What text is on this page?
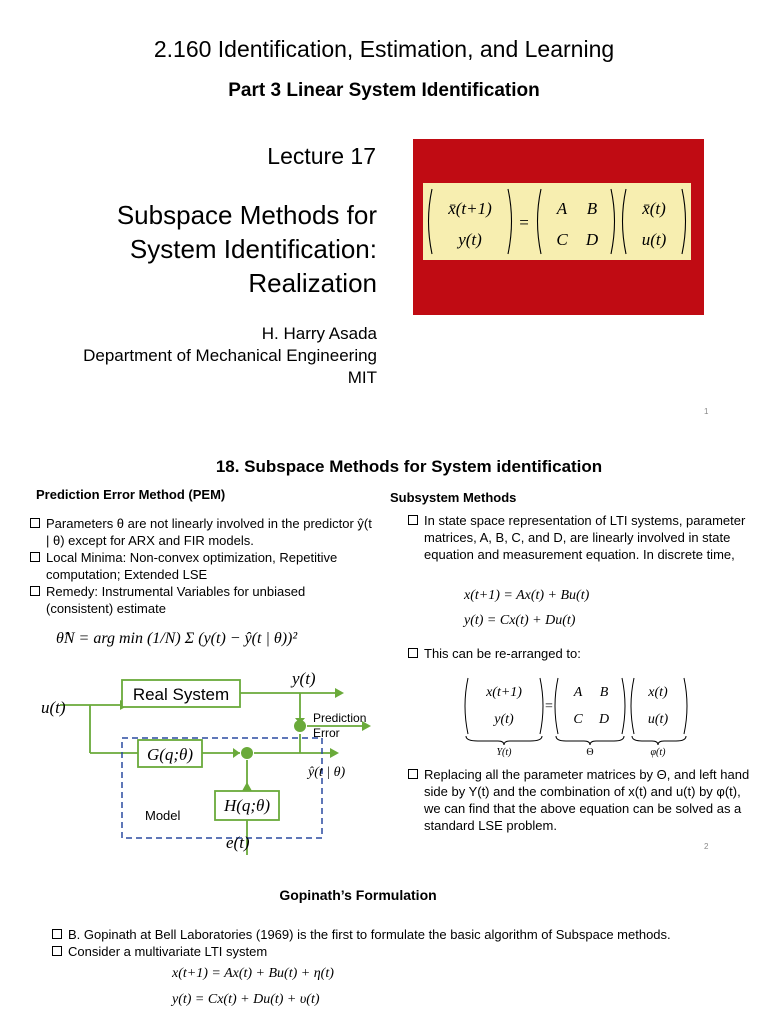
2.160 Identification, Estimation, and Learning
Part 3 Linear System Identification
Lecture 17
Subspace Methods for
System Identification:
Realization
H. Harry Asada
Department of Mechanical Engineering
MIT
1
x̄(t+1)
y(t)
=
A B
C D
x̄(t)
u(t)
18. Subspace Methods for System identification
Prediction Error Method (PEM)
Parameters θ are not linearly involved in the predictor ŷ(t | θ) except for ARX and FIR models.
Local Minima: Non-convex optimization, Repetitive computation; Extended LSE
Remedy: Instrumental Variables for unbiased (consistent) estimate
θ̂N = arg min (1/N) Σ (y(t) − ŷ(t | θ))²
Real System
u(t)
y(t)
G(q;θ)
H(q;θ)
e(t)
ŷ(t | θ)
Prediction
Error
Model
Subsystem Methods
In state space representation of LTI systems, parameter matrices, A, B, C, and D, are linearly involved in state equation and measurement equation. In discrete time,
x(t+1) = Ax(t) + Bu(t)
y(t) = Cx(t) + Du(t)
This can be re-arranged to:
x(t+1)
y(t)
=
A B
C D
x(t)
u(t)
Y(t)	Θ	φ(t)
Replacing all the parameter matrices by Θ, and left hand side by Y(t) and the combination of x(t) and u(t) by φ(t), we can find that the above equation can be solved as a standard LSE problem.
2
Gopinath’s Formulation
B. Gopinath at Bell Laboratories (1969) is the first to formulate the basic algorithm of Subspace methods.
Consider a multivariate LTI system
x(t+1) = Ax(t) + Bu(t) + η(t)
y(t) = Cx(t) + Du(t) + υ(t)
